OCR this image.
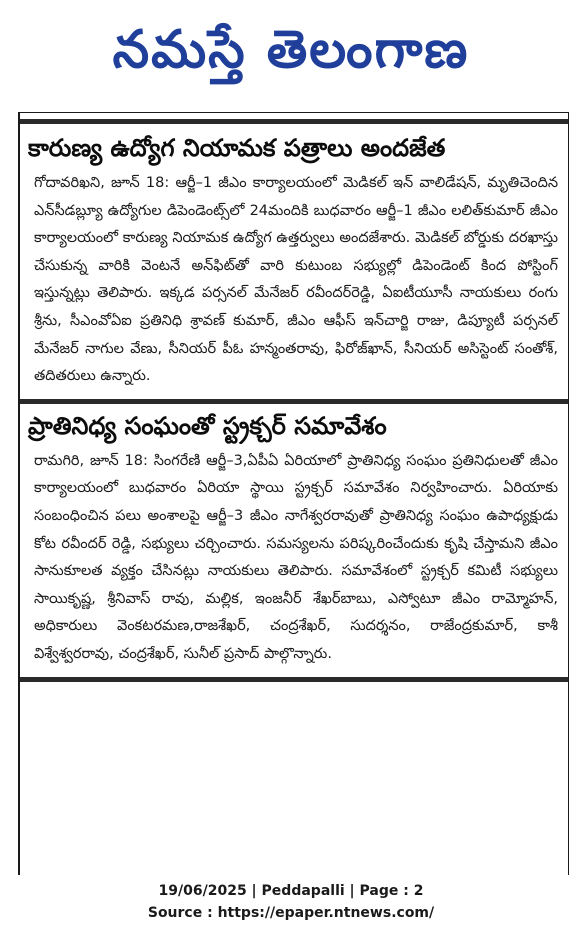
నమస్తే తెలంగాణ
కారుణ్య ఉద్యోగ నియామక పత్రాలు అందజేత

గోదావరిఖని, జూన్ 18: ఆర్జీ–1 జీఎం కార్యాలయంలో మెడికల్ ఇన్ వాలిడేషన్, మృతిచెందిన ఎన్‌సీడబ్ల్యూ ఉద్యోగుల డిపెండెంట్స్‌లో 24మందికి బుధవారం ఆర్జీ–1 జీఎం లలిత్‌కుమార్ జీఎం కార్యాలయంలో కారుణ్య నియామక ఉద్యోగ ఉత్తర్వులు అందజేశారు. మెడికల్ బోర్డుకు దరఖాస్తు చేసుకున్న వారికి వెంటనే అన్‌ఫిట్‌తో వారి కుటుంబ సభ్యుల్లో డిపెండెంట్ కింద పోస్టింగ్ ఇస్తున్నట్లు తెలిపారు. ఇక్కడ పర్సనల్ మేనేజర్ రవీందర్‌రెడ్డి, ఏఐటీయూసీ నాయకులు రంగు శ్రీను, సీఎంవోఏఐ ప్రతినిధి శ్రావణ్ కుమార్, జీఎం ఆఫీస్ ఇన్‌చార్జి రాజు, డిప్యూటీ పర్సనల్ మేనేజర్ నాగుల వేణు, సీనియర్ పీఓ హన్మంతరావు, ఫిరోజ్‌ఖాన్, సీనియర్ అసిస్టెంట్ సంతోశ్, తదితరులు ఉన్నారు.

ప్రాతినిధ్య సంఘంతో స్ట్రక్చర్ సమావేశం

రామగిరి, జూన్ 18: సింగరేణి ఆర్జీ–3,ఏపీఏ ఏరియాలో ప్రాతినిధ్య సంఘం ప్రతినిధులతో జీఎం కార్యాలయంలో బుధవారం ఏరియా స్థాయి స్ట్రక్చర్ సమావేశం నిర్వహించారు. ఏరియాకు సంబంధించిన పలు అంశాలపై ఆర్జీ–3 జీఎం నాగేశ్వరరావుతో ప్రాతినిధ్య సంఘం ఉపాధ్యక్షుడు కోట రవీందర్ రెడ్డి, సభ్యులు చర్చించారు. సమస్యలను పరిష్కరించేందుకు కృషి చేస్తామని జీఎం సానుకూలత వ్యక్తం చేసినట్లు నాయకులు తెలిపారు. సమావేశంలో స్ట్రక్చర్ కమిటీ సభ్యులు సాయికృష్ణ, శ్రీనివాస్ రావు, మల్లిక, ఇంజనీర్ శేఖర్‌బాబు, ఎస్వోటూ జీఎం రామ్మోహన్, అధికారులు వెంకటరమణ,రాజశేఖర్, చంద్రశేఖర్, సుదర్శనం, రాజేంద్రకుమార్, కాశీ విశ్వేశ్వరరావు, చంద్రశేఖర్, సునీల్ ప్రసాద్ పాల్గొన్నారు.

19/06/2025 | Peddapalli | Page : 2
Source : https://epaper.ntnews.com/
